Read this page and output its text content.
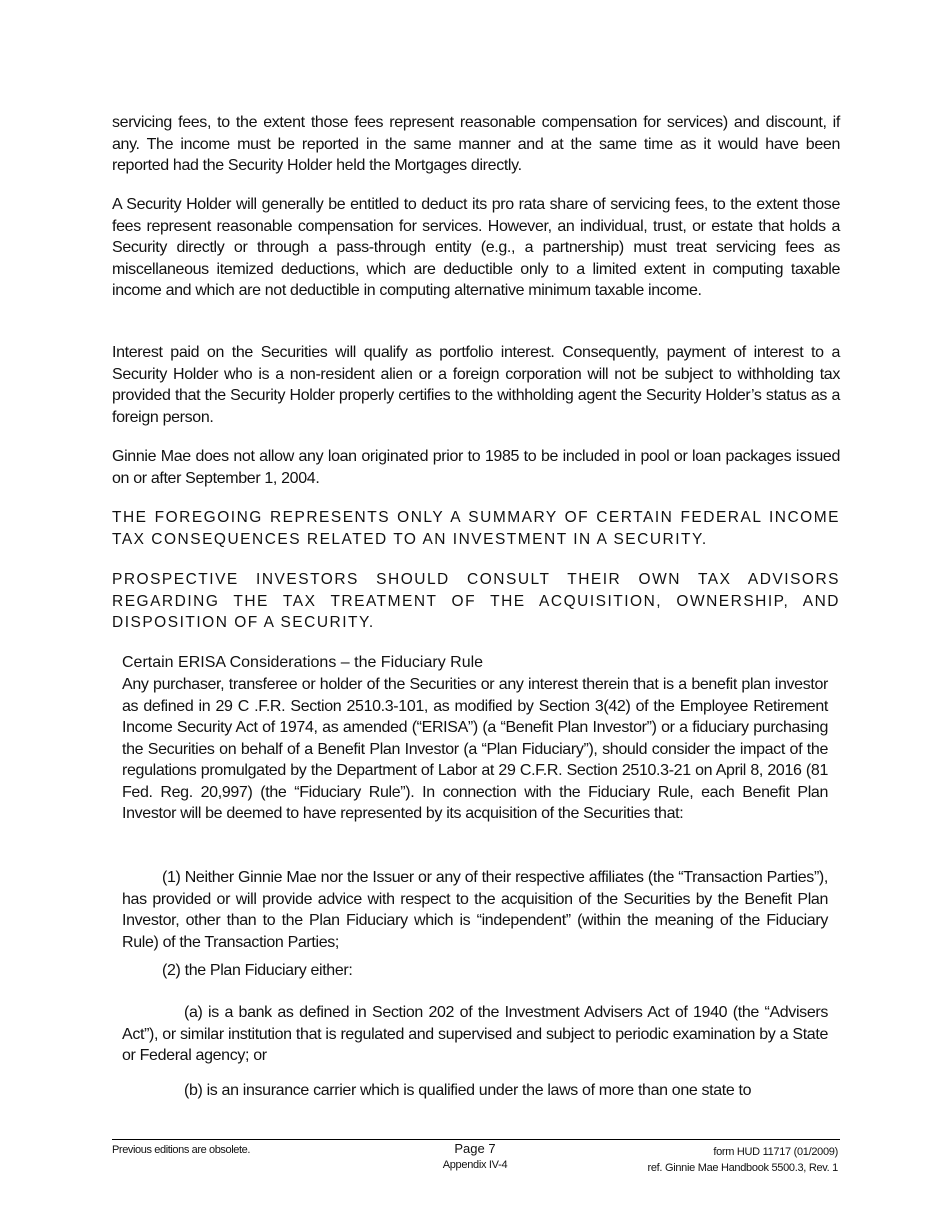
servicing fees, to the extent those fees represent reasonable compensation for services) and discount, if any. The income must be reported in the same manner and at the same time as it would have been reported had the Security Holder held the Mortgages directly.

A Security Holder will generally be entitled to deduct its pro rata share of servicing fees, to the extent those fees represent reasonable compensation for services. However, an individual, trust, or estate that holds a Security directly or through a pass-through entity (e.g., a partnership) must treat servicing fees as miscellaneous itemized deductions, which are deductible only to a limited extent in computing taxable income and which are not deductible in computing alternative minimum taxable income.

Interest paid on the Securities will qualify as portfolio interest. Consequently, payment of interest to a Security Holder who is a non-resident alien or a foreign corporation will not be subject to withholding tax provided that the Security Holder properly certifies to the withholding agent the Security Holder’s status as a foreign person.

Ginnie Mae does not allow any loan originated prior to 1985 to be included in pool or loan packages issued on or after September 1, 2004.

THE FOREGOING REPRESENTS ONLY A SUMMARY OF CERTAIN FEDERAL INCOME TAX CONSEQUENCES RELATED TO AN INVESTMENT IN A SECURITY.

PROSPECTIVE INVESTORS SHOULD CONSULT THEIR OWN TAX ADVISORS REGARDING THE TAX TREATMENT OF THE ACQUISITION, OWNERSHIP, AND DISPOSITION OF A SECURITY.

Certain ERISA Considerations – the Fiduciary Rule

Any purchaser, transferee or holder of the Securities or any interest therein that is a benefit plan investor as defined in 29 C .F.R. Section 2510.3-101, as modified by Section 3(42) of the Employee Retirement Income Security Act of 1974, as amended (“ERISA”) (a “Benefit Plan Investor”) or a fiduciary purchasing the Securities on behalf of a Benefit Plan Investor (a “Plan Fiduciary”), should consider the impact of the regulations promulgated by the Department of Labor at 29 C.F.R. Section 2510.3-21 on April 8, 2016 (81 Fed. Reg. 20,997) (the “Fiduciary Rule”). In connection with the Fiduciary Rule, each Benefit Plan Investor will be deemed to have represented by its acquisition of the Securities that:

(1) Neither Ginnie Mae nor the Issuer or any of their respective affiliates (the “Transaction Parties”), has provided or will provide advice with respect to the acquisition of the Securities by the Benefit Plan Investor, other than to the Plan Fiduciary which is “independent” (within the meaning of the Fiduciary Rule) of the Transaction Parties;

(2) the Plan Fiduciary either:

(a) is a bank as defined in Section 202 of the Investment Advisers Act of 1940 (the “Advisers Act”), or similar institution that is regulated and supervised and subject to periodic examination by a State or Federal agency; or

(b) is an insurance carrier which is qualified under the laws of more than one state to

Previous editions are obsolete.	Page 7
Appendix IV-4
form HUD 11717 (01/2009)
ref. Ginnie Mae Handbook 5500.3, Rev. 1
